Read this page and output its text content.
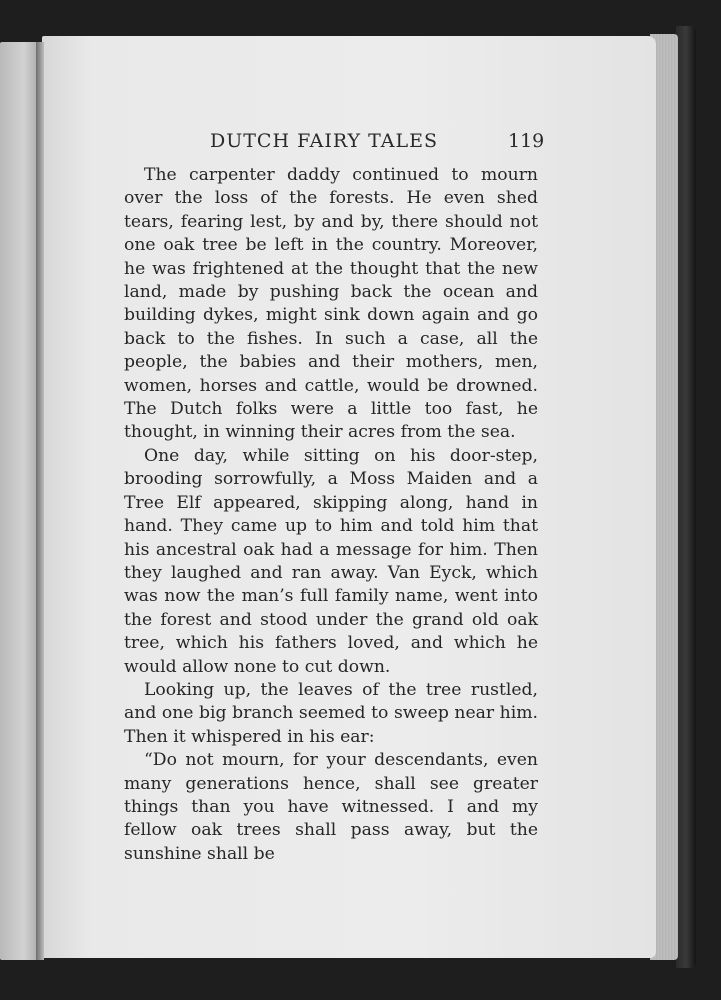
DUTCH FAIRY TALES	119

The carpenter daddy continued to mourn over the loss of the forests. He even shed tears, fearing lest, by and by, there should not one oak tree be left in the country. Moreover, he was frightened at the thought that the new land, made by pushing back the ocean and building dykes, might sink down again and go back to the fishes. In such a case, all the people, the babies and their mothers, men, women, horses and cattle, would be drowned. The Dutch folks were a little too fast, he thought, in winning their acres from the sea.

One day, while sitting on his door-step, brooding sorrowfully, a Moss Maiden and a Tree Elf appeared, skipping along, hand in hand. They came up to him and told him that his ancestral oak had a message for him. Then they laughed and ran away. Van Eyck, which was now the man’s full family name, went into the forest and stood under the grand old oak tree, which his fathers loved, and which he would allow none to cut down.

Looking up, the leaves of the tree rustled, and one big branch seemed to sweep near him. Then it whispered in his ear:

“Do not mourn, for your descendants, even many generations hence, shall see greater things than you have witnessed. I and my fellow oak trees shall pass away, but the sunshine shall be
